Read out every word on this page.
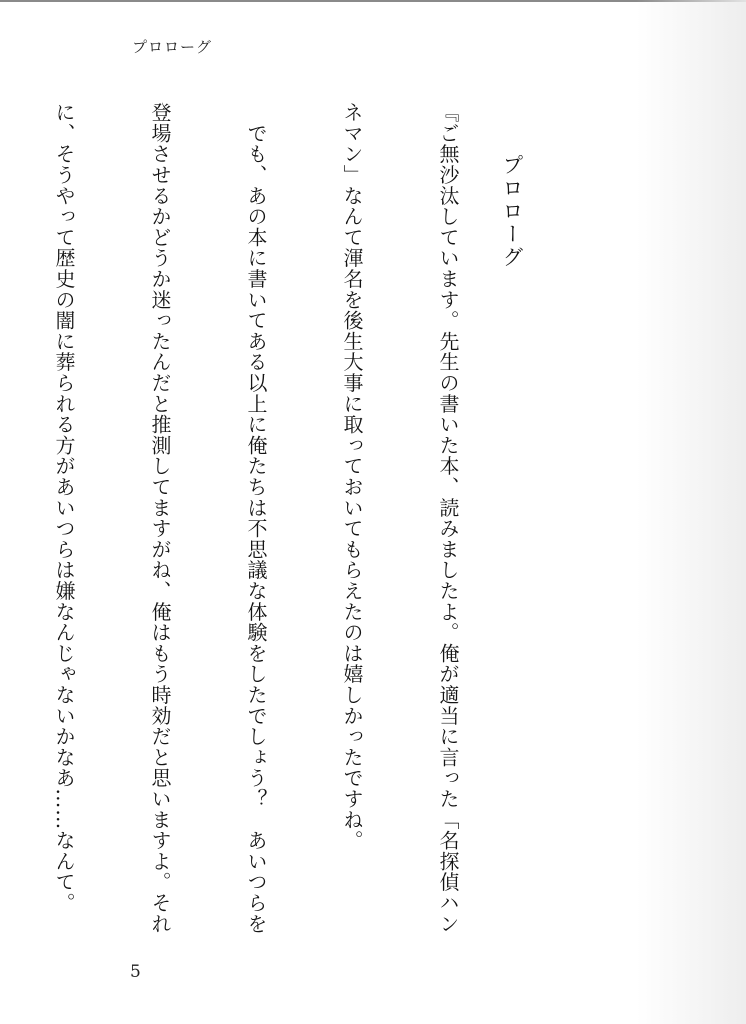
プロローグ

プロローグ

『ご無沙汰しています。先生の書いた本、読みましたよ。俺が適当に言った「名探偵ハン

ネマン」なんて渾名を後生大事に取っておいてもらえたのは嬉しかったですね。

　でも、あの本に書いてある以上に俺たちは不思議な体験をしたでしょう？　あいつらを

登場させるかどうか迷ったんだと推測してますがね、俺はもう時効だと思いますよ。それ

に、そうやって歴史の闇に葬られる方があいつらは嫌なんじゃないかなあ……なんて。

5
